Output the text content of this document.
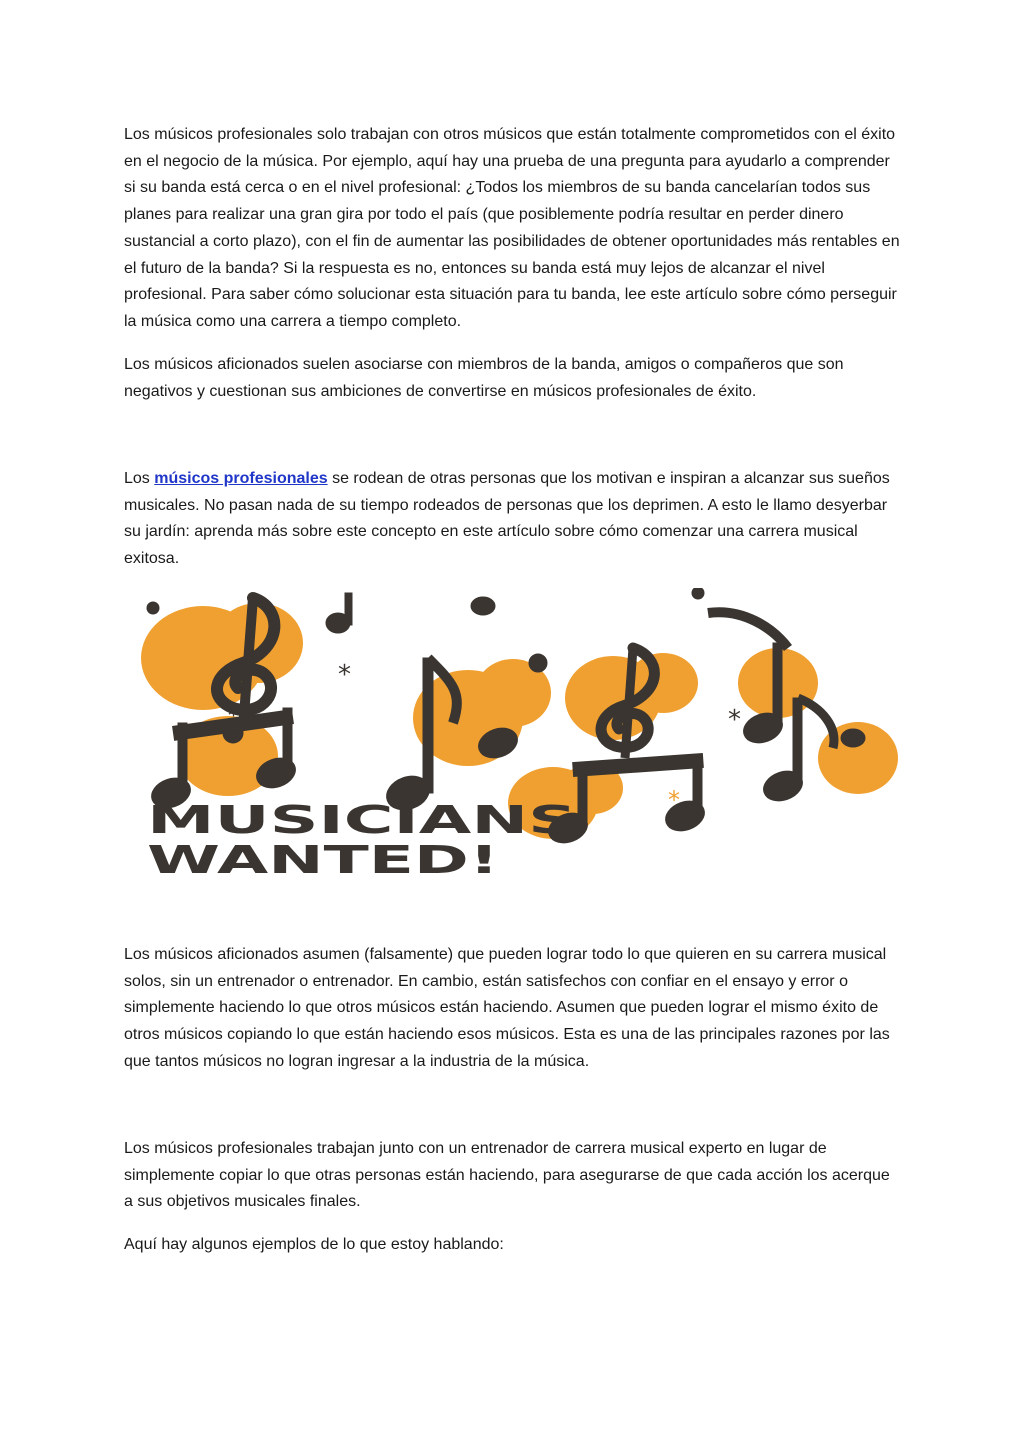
Los músicos profesionales solo trabajan con otros músicos que están totalmente comprometidos con el éxito en el negocio de la música. Por ejemplo, aquí hay una prueba de una pregunta para ayudarlo a comprender si su banda está cerca o en el nivel profesional: ¿Todos los miembros de su banda cancelarían todos sus planes para realizar una gran gira por todo el país (que posiblemente podría resultar en perder dinero sustancial a corto plazo), con el fin de aumentar las posibilidades de obtener oportunidades más rentables en el futuro de la banda? Si la respuesta es no, entonces su banda está muy lejos de alcanzar el nivel profesional. Para saber cómo solucionar esta situación para tu banda, lee este artículo sobre cómo perseguir la música como una carrera a tiempo completo.

Los músicos aficionados suelen asociarse con miembros de la banda, amigos o compañeros que son negativos y cuestionan sus ambiciones de convertirse en músicos profesionales de éxito.

Los músicos profesionales se rodean de otras personas que los motivan e inspiran a alcanzar sus sueños musicales. No pasan nada de su tiempo rodeados de personas que los deprimen. A esto le llamo desyerbar su jardín: aprenda más sobre este concepto en este artículo sobre cómo comenzar una carrera musical exitosa.

*
*	*
*
*
*
MUSICIANS
WANTED!

Los músicos aficionados asumen (falsamente) que pueden lograr todo lo que quieren en su carrera musical solos, sin un entrenador o entrenador. En cambio, están satisfechos con confiar en el ensayo y error o simplemente haciendo lo que otros músicos están haciendo. Asumen que pueden lograr el mismo éxito de otros músicos copiando lo que están haciendo esos músicos. Esta es una de las principales razones por las que tantos músicos no logran ingresar a la industria de la música.

Los músicos profesionales trabajan junto con un entrenador de carrera musical experto en lugar de simplemente copiar lo que otras personas están haciendo, para asegurarse de que cada acción los acerque a sus objetivos musicales finales.

Aquí hay algunos ejemplos de lo que estoy hablando:
